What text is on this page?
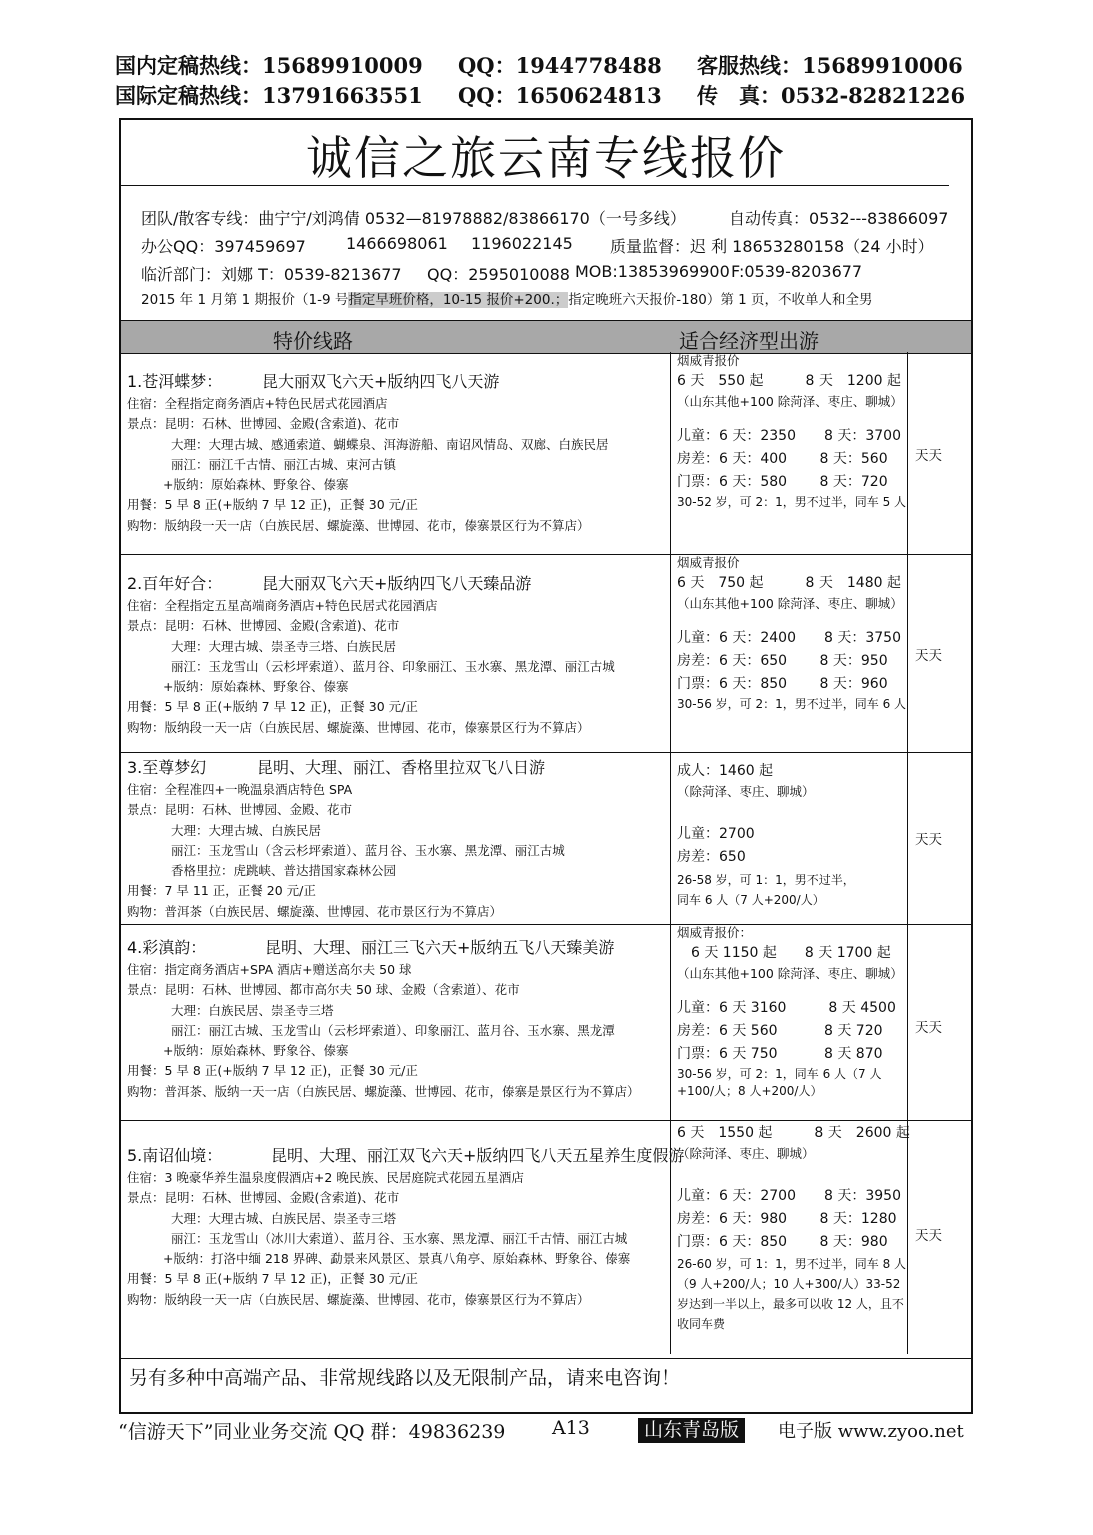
国内定稿热线：15689910009 QQ：1944778488 客服热线：15689910006
国际定稿热线：13791663551 QQ：1650624813 传　真：0532-82821226
诚信之旅云南专线报价
团队/散客专线：曲宁宁/刘鸿倩 0532—81978882/83866170（一号多线）	自动传真：0532---83866097
办公QQ：397459697	1466698061 1196022145 质量监督：迟 利 18653280158（24 小时）
临沂部门：刘娜 T：0539-8213677 QQ：2595010088 MOB:13853969900 F:0539-8203677
2015 年 1 月第 1 期报价（1-9 号指定早班价格，10-15 报价+200.；指定晚班六天报价-180）第 1 页，不收单人和全男
特价线路	适合经济型出游
1.苍洱蝶梦： 昆大丽双飞六天+版纳四飞八天游
住宿：全程指定商务酒店+特色民居式花园酒店
景点：昆明：石林、世博园、金殿(含索道)、花市
大理：大理古城、感通索道、蝴蝶泉、洱海游船、南诏风情岛、双廊、白族民居
丽江：丽江千古情、丽江古城、束河古镇
+版纳：原始森林、野象谷、傣寨
用餐：5 早 8 正(+版纳 7 早 12 正)，正餐 30 元/正
购物：版纳段一天一店（白族民居、螺旋藻、世博园、花市，傣寨景区行为不算店）
烟威青报价
6 天　550 起　　　8 天　1200 起
（山东其他+100 除菏泽、枣庄、聊城）
儿童：6 天：2350　　8 天：3700
房差：6 天：400　　 8 天：560
门票：6 天：580　　 8 天：720
30-52 岁，可 2：1，男不过半，同车 5 人
天天
2.百年好合： 昆大丽双飞六天+版纳四飞八天臻品游
住宿：全程指定五星高端商务酒店+特色民居式花园酒店
景点：昆明：石林、世博园、金殿(含索道)、花市
大理：大理古城、崇圣寺三塔、白族民居
丽江：玉龙雪山（云杉坪索道）、蓝月谷、印象丽江、玉水寨、黑龙潭、丽江古城
+版纳：原始森林、野象谷、傣寨
用餐：5 早 8 正(+版纳 7 早 12 正)，正餐 30 元/正
购物：版纳段一天一店（白族民居、螺旋藻、世博园、花市，傣寨景区行为不算店）
烟威青报价
6 天　750 起　　　8 天　1480 起
（山东其他+100 除菏泽、枣庄、聊城）
儿童：6 天：2400　　8 天：3750
房差：6 天：650　　 8 天：950
门票：6 天：850　　 8 天：960
30-56 岁，可 2：1，男不过半，同车 6 人
天天
3.至尊梦幻	昆明、大理、丽江、香格里拉双飞八日游
住宿：全程准四+一晚温泉酒店特色 SPA
景点：昆明：石林、世博园、金殿、花市
大理：大理古城、白族民居
丽江：玉龙雪山（含云杉坪索道）、蓝月谷、玉水寨、黑龙潭、丽江古城
香格里拉：虎跳峡、普达措国家森林公园
用餐：7 早 11 正，正餐 20 元/正
购物：普洱茶（白族民居、螺旋藻、世博园、花市景区行为不算店）
成人：1460 起
（除菏泽、枣庄、聊城）
儿童：2700
房差：650
26-58 岁，可 1：1，男不过半，
同车 6 人（7 人+200/人）
天天
4.彩滇韵：	昆明、大理、丽江三飞六天+版纳五飞八天臻美游
住宿：指定商务酒店+SPA 酒店+赠送高尔夫 50 球
景点：昆明：石林、世博园、都市高尔夫 50 球、金殿（含索道）、花市
大理：白族民居、崇圣寺三塔
丽江：丽江古城、玉龙雪山（云杉坪索道）、印象丽江、蓝月谷、玉水寨、黑龙潭
+版纳：原始森林、野象谷、傣寨
用餐：5 早 8 正(+版纳 7 早 12 正)，正餐 30 元/正
购物：普洱茶、版纳一天一店（白族民居、螺旋藻、世博园、花市，傣寨是景区行为不算店）
烟威青报价：
　6 天 1150 起　　8 天 1700 起
（山东其他+100 除菏泽、枣庄、聊城）
儿童：6 天 3160　　　8 天 4500
房差：6 天 560　　　 8 天 720
门票：6 天 750　　　 8 天 870
30-56 岁，可 2：1，同车 6 人（7 人+100/人；8 人+200/人）
天天
5.南诏仙境：	昆明、大理、丽江双飞六天+版纳四飞八天五星养生度假游
住宿：3 晚豪华养生温泉度假酒店+2 晚民族、民居庭院式花园五星酒店
景点：昆明：石林、世博园、金殿(含索道)、花市
大理：大理古城、白族民居、崇圣寺三塔
丽江：玉龙雪山（冰川大索道）、蓝月谷、玉水寨、黑龙潭、丽江千古情、丽江古城
+版纳：打洛中缅 218 界碑、勐景来风景区、景真八角亭、原始森林、野象谷、傣寨
用餐：5 早 8 正(+版纳 7 早 12 正)，正餐 30 元/正
购物：版纳段一天一店（白族民居、螺旋藻、世博园、花市，傣寨景区行为不算店）
6 天　1550 起　　　8 天　2600 起
（除菏泽、枣庄、聊城）
儿童：6 天：2700　　8 天：3950
房差：6 天：980　　 8 天：1280
门票：6 天：850　　 8 天：980
26-60 岁，可 1：1，男不过半，同车 8 人（9 人+200/人；10 人+300/人）33-52 岁达到一半以上，最多可以收 12 人，且不收同车费
天天
另有多种中高端产品、非常规线路以及无限制产品，请来电咨询！
“信游天下”同业业务交流 QQ 群：49836239 A13	山东青岛版	电子版 www.zyoo.net
